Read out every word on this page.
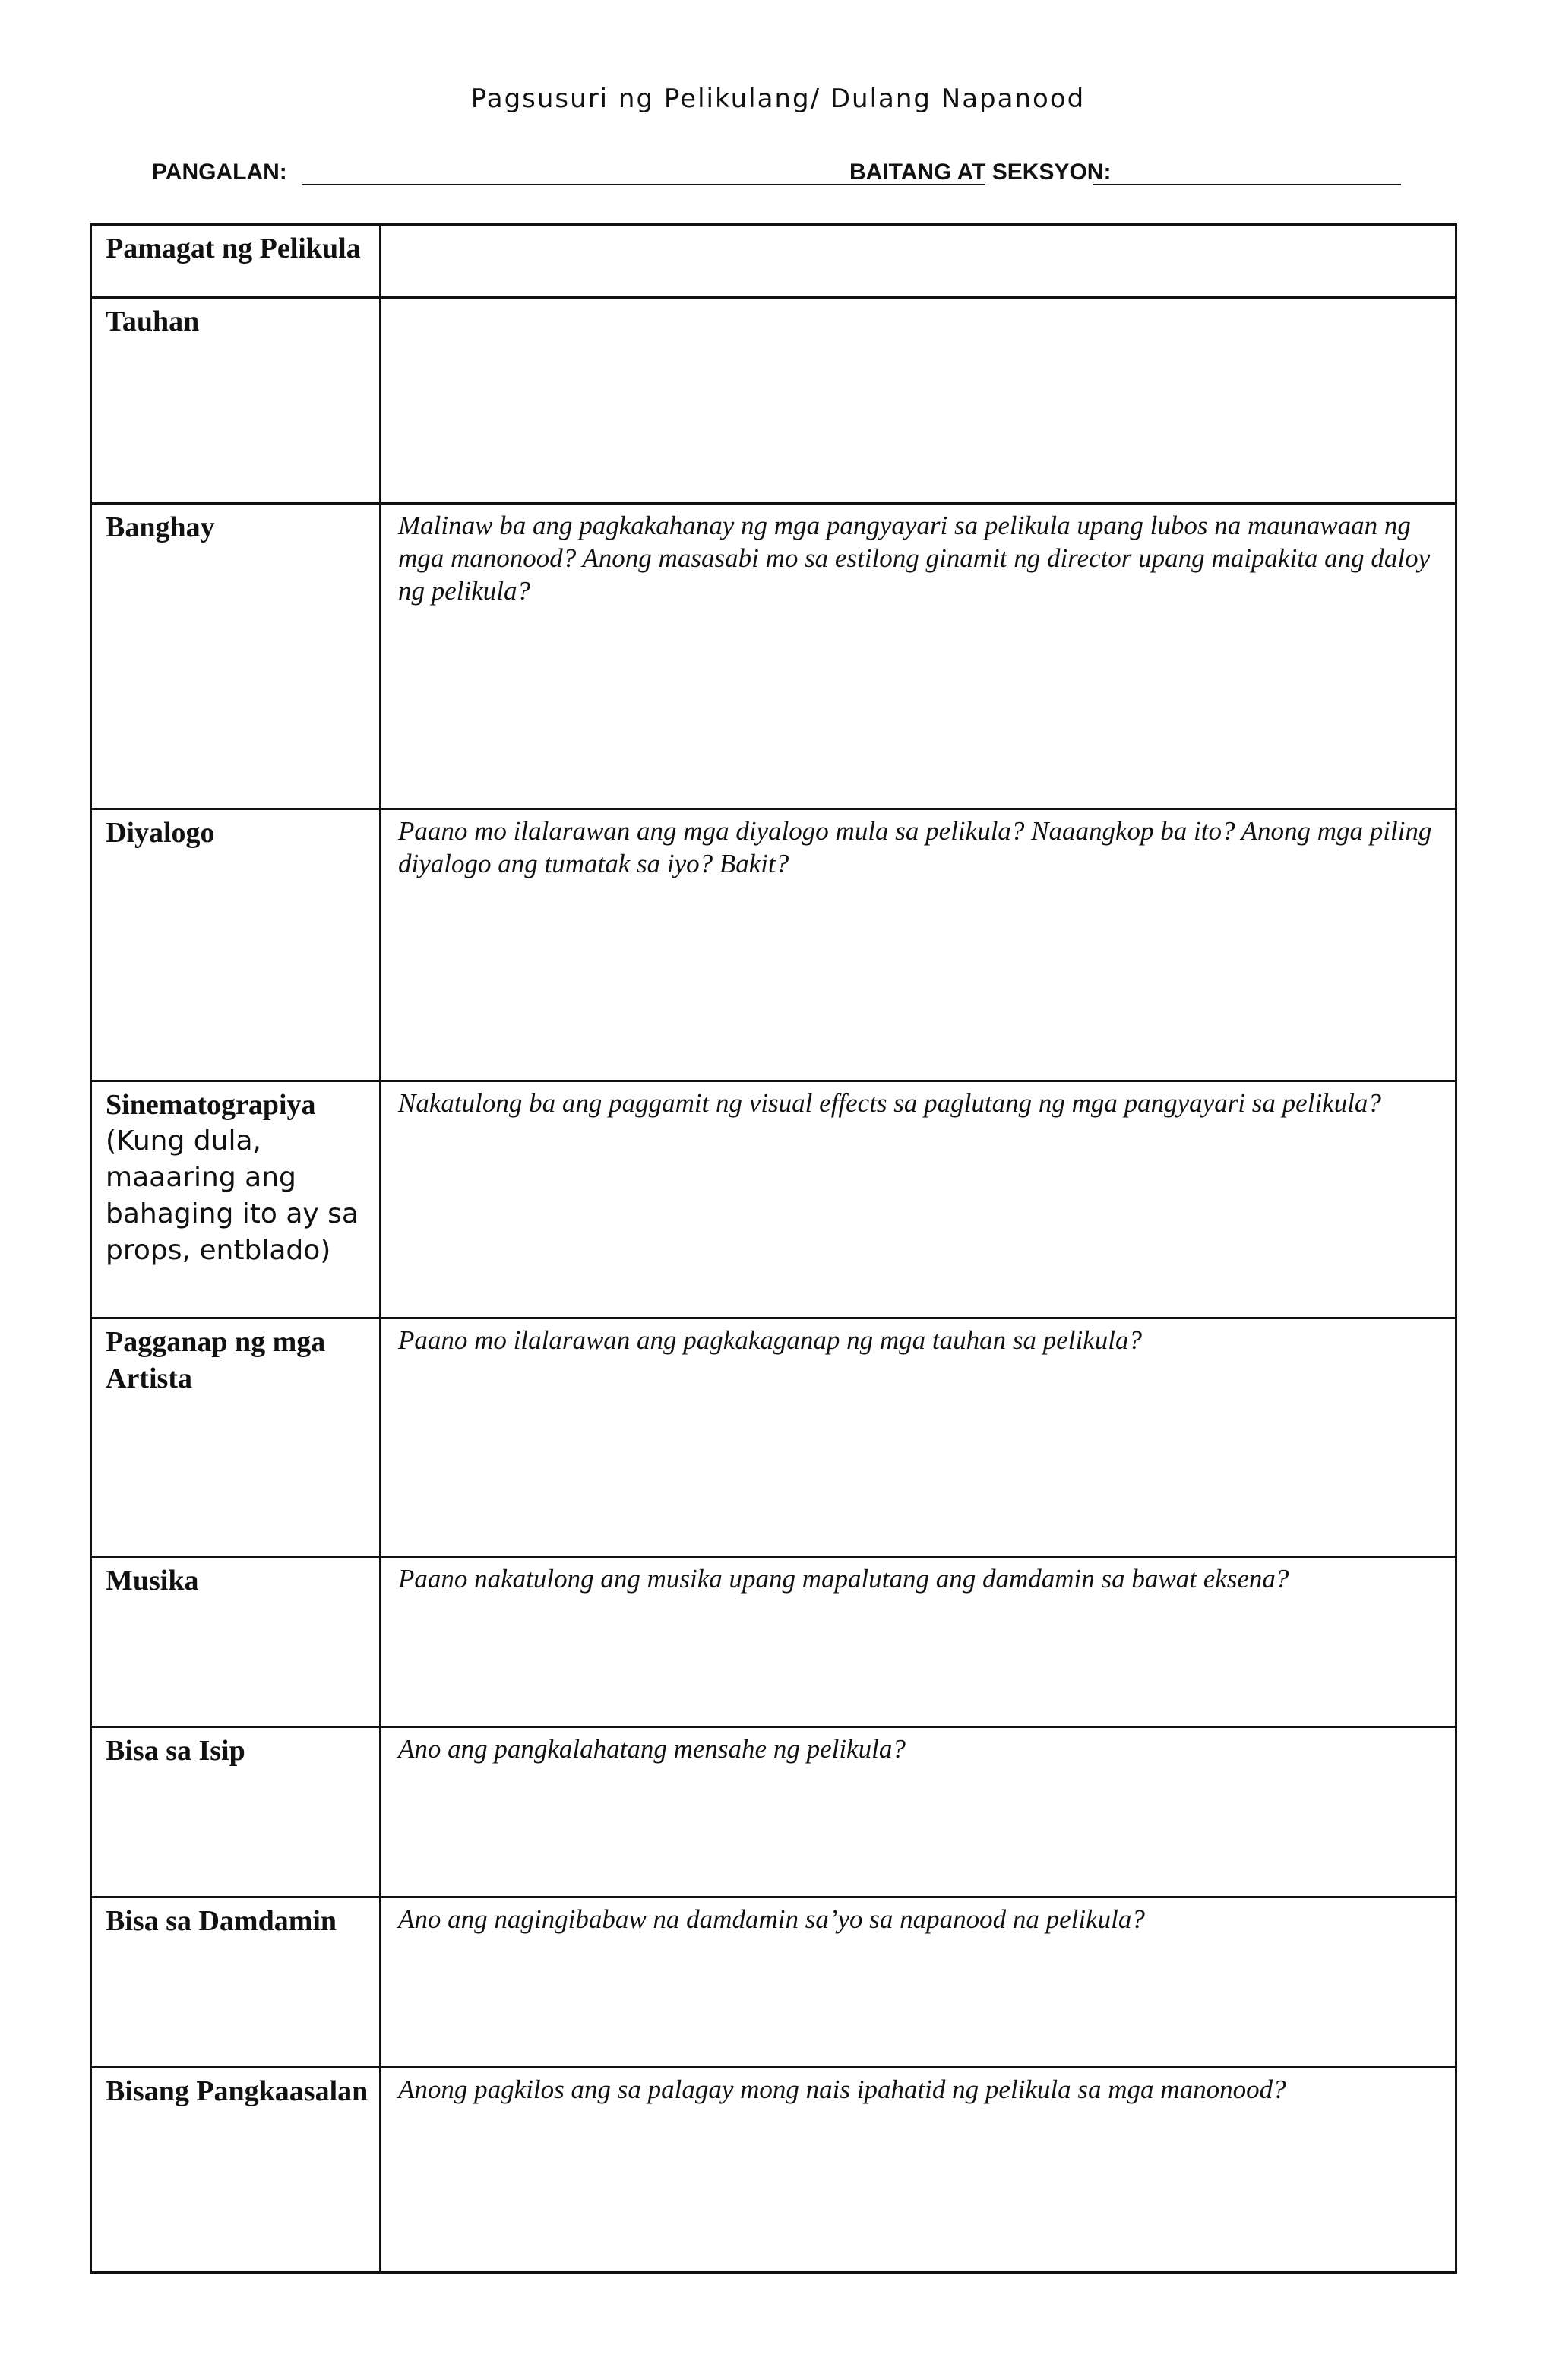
Pagsusuri ng Pelikulang/ Dulang Napanood
PANGALAN:	BAITANG AT SEKSYON:
Pamagat ng Pelikula	

Tauhan	

Banghay	Malinaw ba ang pagkakahanay ng mga pangyayari sa pelikula upang lubos na maunawaan ng mga manonood? Anong masasabi mo sa estilong ginamit ng director upang maipakita ang daloy ng pelikula?

Diyalogo	Paano mo ilalarawan ang mga diyalogo mula sa pelikula? Naaangkop ba ito? Anong mga piling diyalogo ang tumatak sa iyo? Bakit?

Sinematograpiya
(Kung dula, maaaring ang bahaging ito ay sa props, entblado)	Nakatulong ba ang paggamit ng visual effects sa paglutang ng mga pangyayari sa pelikula?

Pagganap ng mga Artista	Paano mo ilalarawan ang pagkakaganap ng mga tauhan sa pelikula?

Musika	Paano nakatulong ang musika upang mapalutang ang damdamin sa bawat eksena?

Bisa sa Isip	Ano ang pangkalahatang mensahe ng pelikula?

Bisa sa Damdamin	Ano ang nagingibabaw na damdamin sa’yo sa napanood na pelikula?

Bisang Pangkaasalan	Anong pagkilos ang sa palagay mong nais ipahatid ng pelikula sa mga manonood?
